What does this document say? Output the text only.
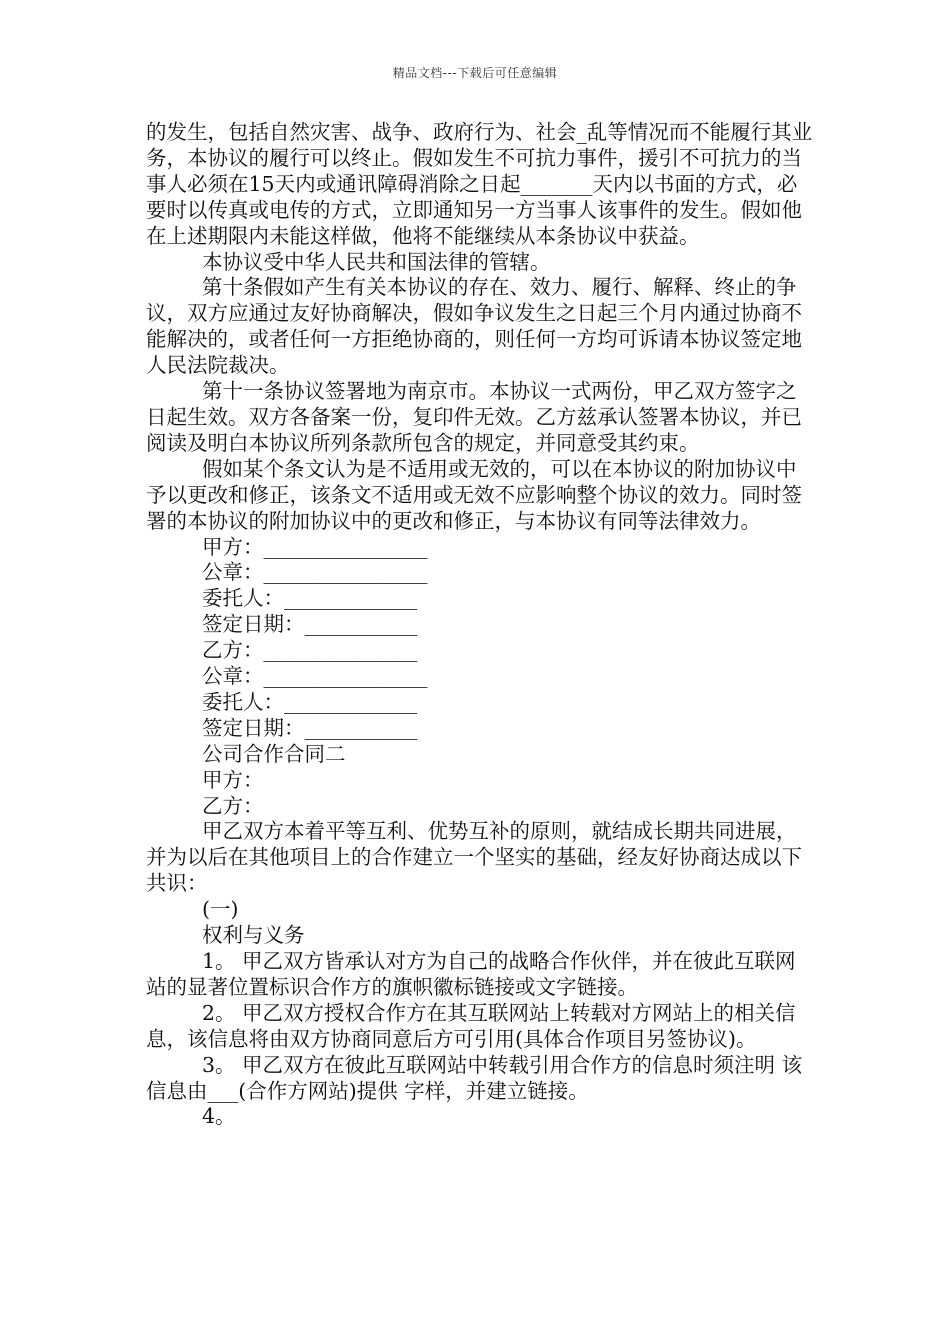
精品文档---下载后可任意编辑

的发生，包括自然灾害、战争、政府行为、社会_乱等情况而不能履行其业务，本协议的履行可以终止。假如发生不可抗力事件，援引不可抗力的当事人必须在15天内或通讯障碍消除之日起_______天内以书面的方式，必要时以传真或电传的方式，立即通知另一方当事人该事件的发生。假如他在上述期限内未能这样做，他将不能继续从本条协议中获益。

本协议受中华人民共和国法律的管辖。

第十条假如产生有关本协议的存在、效力、履行、解释、终止的争议，双方应通过友好协商解决，假如争议发生之日起三个月内通过协商不能解决的，或者任何一方拒绝协商的，则任何一方均可诉请本协议签定地人民法院裁决。

第十一条协议签署地为南京市。本协议一式两份，甲乙双方签字之日起生效。双方各备案一份，复印件无效。乙方兹承认签署本协议，并已阅读及明白本协议所列条款所包含的规定，并同意受其约束。

假如某个条文认为是不适用或无效的，可以在本协议的附加协议中予以更改和修正，该条文不适用或无效不应影响整个协议的效力。同时签署的本协议的附加协议中的更改和修正，与本协议有同等法律效力。

甲方：________________

公章：________________

委托人：_____________

签定日期：___________

乙方：_______________

公章：________________

委托人：_____________

签定日期：___________

公司合作合同二

甲方：

乙方：

甲乙双方本着平等互利、优势互补的原则，就结成长期共同进展，并为以后在其他项目上的合作建立一个坚实的基础，经友好协商达成以下共识：

(一)

权利与义务

1。 甲乙双方皆承认对方为自己的战略合作伙伴，并在彼此互联网站的显著位置标识合作方的旗帜徽标链接或文字链接。

2。 甲乙双方授权合作方在其互联网站上转载对方网站上的相关信息，该信息将由双方协商同意后方可引用(具体合作项目另签协议)。

3。 甲乙双方在彼此互联网站中转载引用合作方的信息时须注明 该信息由___(合作方网站)提供 字样，并建立链接。

4。
